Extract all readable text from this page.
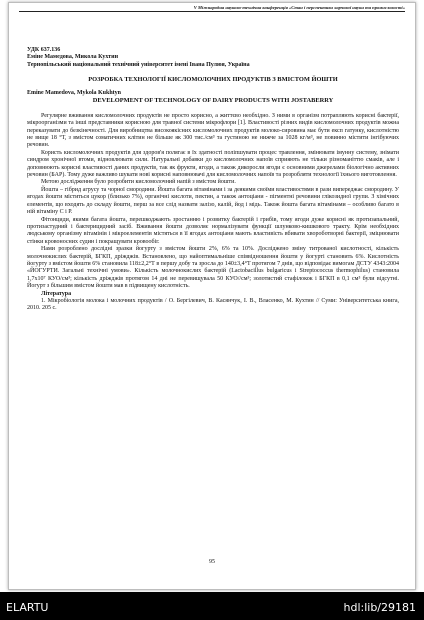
V Міжнародна науково-технічна конференція «Стан і перспективи харчової науки та промисловості»

УДК 637.136

Еміне Мамедова, Микола Кухтин

Тернопільський національний технічний університет імені Івана Пулюя, Україна

РОЗРОБКА ТЕХНОЛОГІЇ КИСЛОМОЛОЧНИХ ПРОДУКТІВ З ВМІСТОМ ЙОШТИ

Emine Mamedova, Mykola Kukhtyn

DEVELOPMENT OF TECHNOLOGY OF DAIRY PRODUCTS WITH JOSTABERRY

Регулярне вживання кисломолочних продуктів не просто корисно, а життєво необхідно. З ними в організм потрапляють корисні бактерії, мікроорганізми та інші представники корисною для травної системи мікрофлори [1]. Властивості різних видів кисломолочних продуктів можна переказувати до безкінечності. Для виробництва високоякісних кисломолочних продуктів молоко-сировина має бути експ гатунку, кислотністю не вище 18 °Т, з вмістом соматичних клітин не більше як 300 тис./см³ та густиною не нижче за 1028 кг/м³, не повинно містити інгібуючих речовин.

Користь кисломолочних продуктів для здоров'я полягає в їх здатності поліпшувати процес травлення, змінювати імунну систему, знімати синдром хронічної втоми, відновлювати сили. Натуральні добавки до кисломолочних напоїв сприяють не тільки різноманіттю смаків, але і доповнюють корисні властивості даних продуктів, так як фрукти, ягоди, а також дикоросли ягоди є основними джерелами біологічно активних речовин (БАР). Тому дуже важливо шукати нові корисні наповнювачі для кисломолочних напоїв та розробляти технології їхнього виготовлення.

Метою дослідження було розробити кисломолочний напій з вмістом йошти.

Йошта – гібрид агрусу та чорної смородини. Йошта багата вітамінами і за деякими своїми властивостями в рази випереджає смородину. У ягодах йошти міститься цукор (близько 7%), органічні кислоти, пектин, а також антоціани - пігментні речовини глікозидної групи. З хімічних елементів, що входять до складу йошти, перш за все слід назвати залізо, калій, йод і мідь. Також йошта багата вітамінами – особливо багато в ній вітаміну С і Р.

Фітонциди, якими багата йошта, перешкоджають зростанню і розвитку бактерій і грибів, тому ягоди дуже корисні як протизапальний, протизастудний і бактерицидний засіб. Вживання йошти дозволяє нормалізувати функції шлунково-кишкового тракту. Крім необхідних людському організму вітамінів і мікроелементів містяться в її ягодах антоціани мають властивість вбивати хвороботворні бактерії, зміцнювати стінки кровоносних судин і покращувати кровообіг.

Нами розроблено дослідні зразки йогурту з вмістом йошти 2%, 6% та 10%. Досліджено зміну титрованої кислотності, кількість молочнокислих бактерій, БГКП, дріжджів. Встановлено, що найоптимальніше співвідношення йошти у йогурті становить 6%. Кислотність йогурту з вмістом йошти 6% становила 118±2,2°Т в першу добу та зросла до 140±3,4°Т протягом 7 днів, що відповідає вимогам ДСТУ 4343:2004 «ЙОГУРТИ. Загальні технічні умови». Кількість молочнокислих бактерій (Lactobacillus bulgaricus і Streptococcus thermophilus) становила 1,7x10⁷ КУО/см³; кількість дріжджів протягом 14 дні не перевищувала 50 КУО//см³; золотистий стафілокок і БГКП в 0,1 см³ були відсутні. Йогурт з більшим вмістом йошти мав в підвищену кислотність.

Література

1. Мікробіологія молока і молочних продуктів / О. Бергілевич, В. Касянчук, І. В., Власенко, М. Кухтин // Суми: Університетська книга, 2010. 205 с.

95
ELARTU	hdl:lib/29181
